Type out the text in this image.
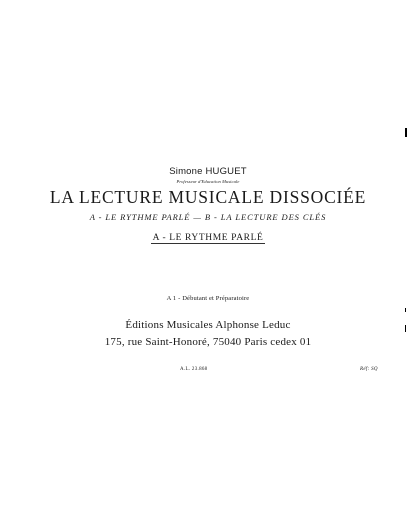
Simone HUGUET

Professeur d'Education Musicale

LA LECTURE MUSICALE DISSOCIÉE

A - LE RYTHME PARLÉ — B - LA LECTURE DES CLÉS

A - LE RYTHME PARLÉ

A 1 - Débutant et Préparatoire

Éditions Musicales Alphonse Leduc

175, rue Saint-Honoré, 75040 Paris cedex 01

A.L. 23.868	Réf: SQ
